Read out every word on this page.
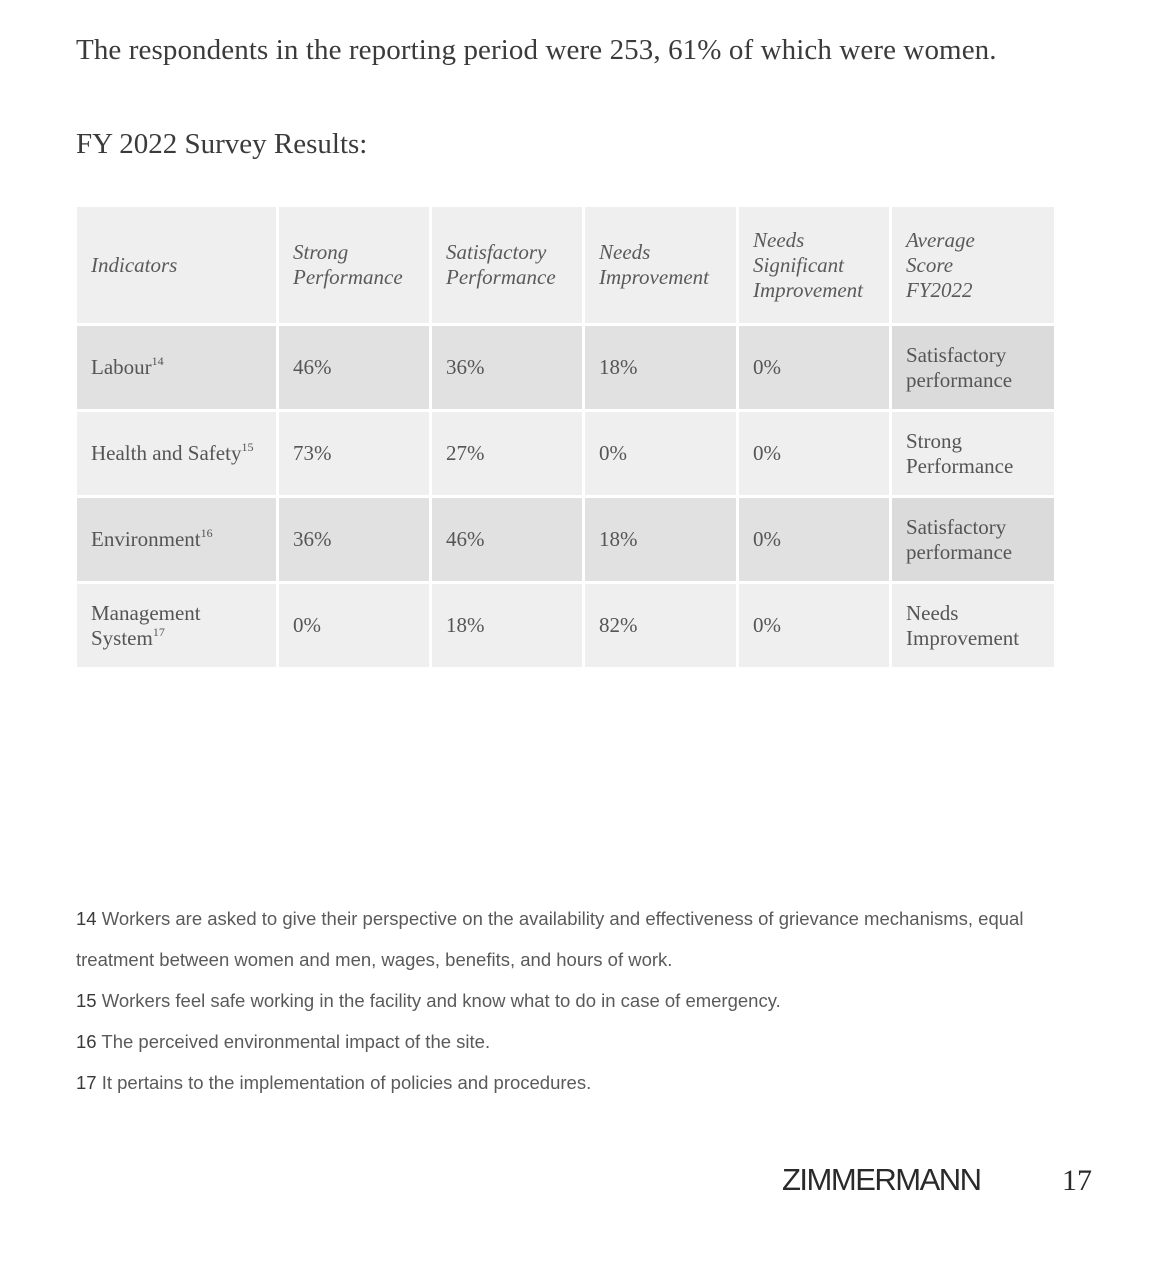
The respondents in the reporting period were 253, 61% of which were women.

FY 2022 Survey Results:
Indicators	Strong Performance	Satisfactory Performance	Needs Improvement	Needs Significant Improvement	Average Score FY2022
Labour$^{14}$	46%	36%	18%	0%	Satisfactory performance
Health and Safety$^{15}$	73%	27%	0%	0%	Strong Performance
Environment$^{16}$	36%	46%	18%	0%	Satisfactory performance
Management System$^{17}$	0%	18%	82%	0%	Needs Improvement
14 Workers are asked to give their perspective on the availability and effectiveness of grievance mechanisms, equal
treatment between women and men, wages, benefits, and hours of work.
15 Workers feel safe working in the facility and know what to do in case of emergency.
16 The perceived environmental impact of the site.
17 It pertains to the implementation of policies and procedures.
ZIMMERMANN	17
